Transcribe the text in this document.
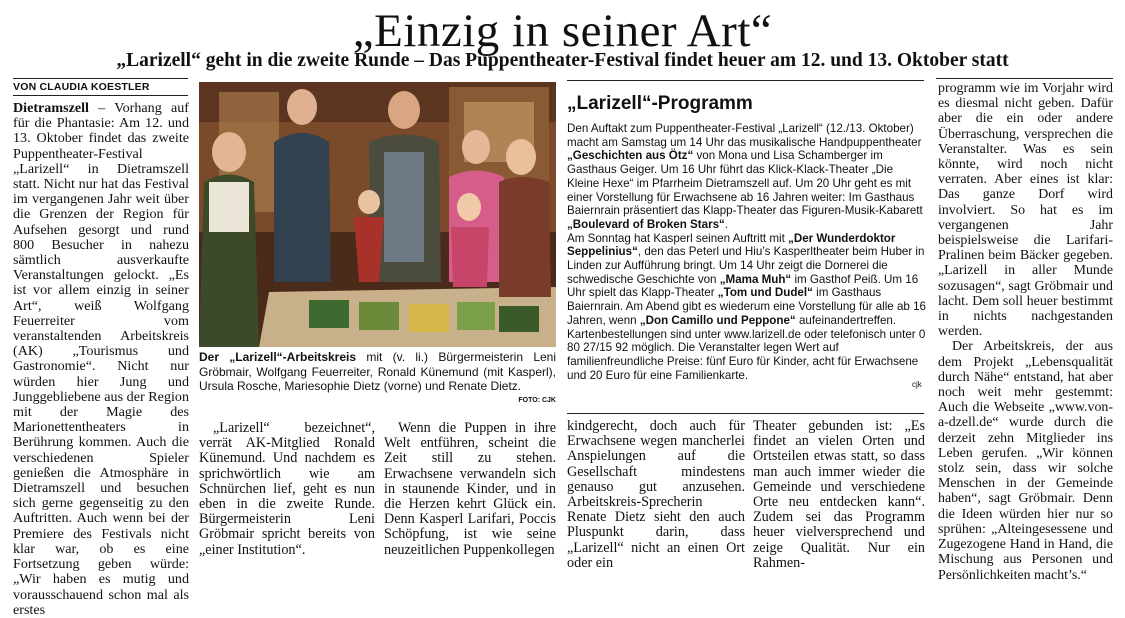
„Einzig in seiner Art“
„Larizell“ geht in die zweite Runde – Das Puppentheater-Festival findet heuer am 12. und 13. Oktober statt
VON CLAUDIA KOESTLER

Dietramszell – Vorhang auf für die Phantasie: Am 12. und 13. Oktober findet das zweite Puppentheater-Festival „Larizell“ in Dietramszell statt. Nicht nur hat das Festival im vergangenen Jahr weit über die Grenzen der Region für Aufsehen gesorgt und rund 800 Besucher in nahezu sämtlich ausverkaufte Veranstaltungen gelockt. „Es ist vor allem einzig in seiner Art“, weiß Wolfgang Feuerreiter vom veranstaltenden Arbeitskreis (AK) „Tourismus und Gastronomie“. Nicht nur würden hier Jung und Junggebliebene aus der Region mit der Magie des Marionettentheaters in Berührung kommen. Auch die verschiedenen Spieler genießen die Atmosphäre in Dietramszell und besuchen sich gerne gegenseitig zu den Auftritten. Auch wenn bei der Premiere des Festivals nicht klar war, ob es eine Fortsetzung geben würde: „Wir haben es mutig und vorausschauend schon mal als erstes

Der „Larizell“-Arbeitskreis mit (v. li.) Bürgermeisterin Leni Gröbmair, Wolfgang Feuerreiter, Ronald Künemund (mit Kasperl), Ursula Rosche, Mariesophie Dietz (vorne) und Renate Dietz.
FOTO: CJK

„Larizell“ bezeichnet“, verrät AK-Mitglied Ronald Künemund. Und nachdem es sprichwörtlich wie am Schnürchen lief, geht es nun eben in die zweite Runde. Bürgermeisterin Leni Gröbmair spricht bereits von „einer Institution“.

Wenn die Puppen in ihre Welt entführen, scheint die Zeit still zu stehen. Erwachsene verwandeln sich in staunende Kinder, und in die Herzen kehrt Glück ein. Denn Kasperl Larifari, Poccis Schöpfung, ist wie seine neuzeitlichen Puppenkollegen

„Larizell“-Programm
Den Auftakt zum Puppentheater-Festival „Larizell“ (12./13. Oktober) macht am Samstag um 14 Uhr das musikalische Handpuppentheater „Geschichten aus Ötz“ von Mona und Lisa Schamberger im Gasthaus Geiger. Um 16 Uhr führt das Klick-Klack-Theater „Die Kleine Hexe“ im Pfarrheim Dietramszell auf. Um 20 Uhr geht es mit einer Vorstellung für Erwachsene ab 16 Jahren weiter: Im Gasthaus Baiernrain präsentiert das Klapp-Theater das Figuren-Musik-Kabarett „Boulevard of Broken Stars“.
Am Sonntag hat Kasperl seinen Auftritt mit „Der Wunderdoktor Seppelinius“, den das Peterl und Hiu’s Kasperltheater beim Huber in Linden zur Aufführung bringt. Um 14 Uhr zeigt die Dornerei die schwedische Geschichte von „Mama Muh“ im Gasthof Peiß. Um 16 Uhr spielt das Klapp-Theater „Tom und Dudel“ im Gasthaus Baiernrain. Am Abend gibt es wiederum eine Vorstellung für alle ab 16 Jahren, wenn „Don Camillo und Peppone“ aufeinandertreffen. Kartenbestellungen sind unter www.larizell.de oder telefonisch unter 0 80 27/15 92 möglich. Die Veranstalter legen Wert auf familienfreundliche Preise: fünf Euro für Kinder, acht für Erwachsene und 20 Euro für eine Familienkarte.
cjk

kindgerecht, doch auch für Erwachsene wegen mancherlei Anspielungen auf die Gesellschaft mindestens genauso gut anzusehen. Arbeitskreis-Sprecherin Renate Dietz sieht den auch Pluspunkt darin, dass „Larizell“ nicht an einen Ort oder ein

Theater gebunden ist: „Es findet an vielen Orten und Ortsteilen etwas statt, so dass man auch immer wieder die Gemeinde und verschiedene Orte neu entdecken kann“. Zudem sei das Programm heuer vielversprechend und zeige Qualität. Nur ein Rahmen-

programm wie im Vorjahr wird es diesmal nicht geben. Dafür aber die ein oder andere Überraschung, versprechen die Veranstalter. Was es sein könnte, wird noch nicht verraten. Aber eines ist klar: Das ganze Dorf wird involviert. So hat es im vergangenen Jahr beispielsweise die Larifari-Pralinen beim Bäcker gegeben. „Larizell in aller Munde sozusagen“, sagt Gröbmair und lacht. Dem soll heuer bestimmt in nichts nachgestanden werden.

Der Arbeitskreis, der aus dem Projekt „Lebensqualität durch Nähe“ entstand, hat aber noch weit mehr gestemmt: Auch die Webseite „www.von-a-dzell.de“ wurde durch die derzeit zehn Mitglieder ins Leben gerufen. „Wir können stolz sein, dass wir solche Menschen in der Gemeinde haben“, sagt Gröbmair. Denn die Ideen würden hier nur so sprühen: „Alteingesessene und Zugezogene Hand in Hand, die Mischung aus Personen und Persönlichkeiten macht’s.“
